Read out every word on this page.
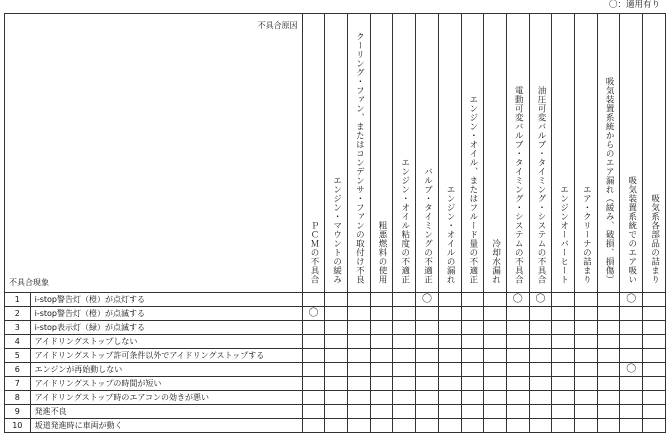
〇：適用有り
不具合原因
不具合現象		ＰＣＭの不具合	エンジン・マウントの緩み	クーリング・ファン、またはコンデンサ・ファンの取付け不良	粗悪燃料の使用	エンジン・オイル粘度の不適正	バルブ・タイミングの不適正	エンジン・オイルの漏れ	エンジン・オイル、またはフルード量の不適正	冷却水漏れ	電動可変バルブ・タイミング・システムの不具合	油圧可変バルブ・タイミング・システムの不具合	エンジンオーバーヒート	エア・クリーナの詰まり	吸気装置系統からのエア漏れ（緩み、破損、損傷）	吸気装置系統でのエア吸い	吸気系各部品の詰まり
1	i-stop警告灯（橙）が点灯する						〇				〇	〇				〇	
2	i-stop警告灯（橙）が点滅する	〇															
3	i-stop表示灯（緑）が点滅する																
4	アイドリングストップしない																
5	アイドリングストップ許可条件以外でアイドリングストップする																
6	エンジンが再始動しない															〇	
7	アイドリングストップの時間が短い																
8	アイドリングストップ時のエアコンの効きが悪い																
9	発進不良																
10	坂道発進時に車両が動く																
